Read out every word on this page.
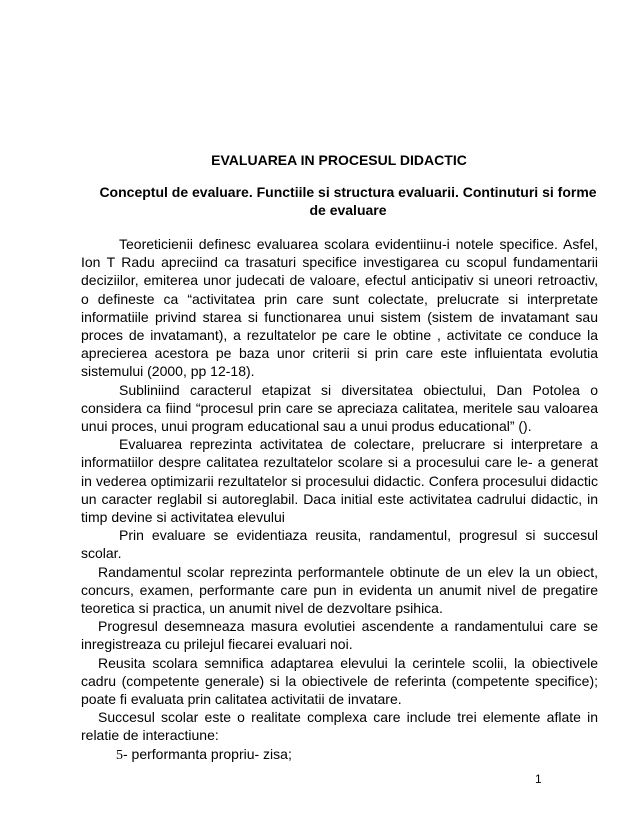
EVALUAREA IN PROCESUL DIDACTIC
Conceptul de evaluare. Functiile si structura evaluarii. Continuturi si forme de evaluare

Teoreticienii definesc evaluarea scolara evidentiinu-i notele specifice. Asfel, Ion T Radu apreciind ca trasaturi specifice investigarea cu scopul fundamentarii deciziilor, emiterea unor judecati de valoare, efectul anticipativ si uneori retroactiv, o defineste ca “activitatea prin care sunt colectate, prelucrate si interpretate informatiile privind starea si functionarea unui sistem (sistem de invatamant sau proces de invatamant), a rezultatelor pe care le obtine , activitate ce conduce la aprecierea acestora pe baza unor criterii si prin care este influientata evolutia sistemului (2000, pp 12-18).

Subliniind caracterul etapizat si diversitatea obiectului, Dan Potolea o considera ca fiind “procesul prin care se apreciaza calitatea, meritele sau valoarea unui proces, unui program educational sau a unui produs educational” ().

Evaluarea reprezinta activitatea de colectare, prelucrare si interpretare a informatiilor despre calitatea rezultatelor scolare si a procesului care le- a generat in vederea optimizarii rezultatelor si procesului didactic. Confera procesului didactic un caracter reglabil si autoreglabil. Daca initial este activitatea cadrului didactic, in timp devine si activitatea elevului

Prin evaluare se evidentiaza reusita, randamentul, progresul si succesul scolar.

Randamentul scolar reprezinta performantele obtinute de un elev la un obiect, concurs, examen, performante care pun in evidenta un anumit nivel de pregatire teoretica si practica, un anumit nivel de dezvoltare psihica.

Progresul desemneaza masura evolutiei ascendente a randamentului care se inregistreaza cu prilejul fiecarei evaluari noi.

Reusita scolara semnifica adaptarea elevului la cerintele scolii, la obiectivele cadru (competente generale) si la obiectivele de referinta (competente specifice); poate fi evaluata prin calitatea activitatii de invatare.

Succesul scolar este o realitate complexa care include trei elemente aflate in relatie de interactiune:

5- performanta propriu- zisa;

1
